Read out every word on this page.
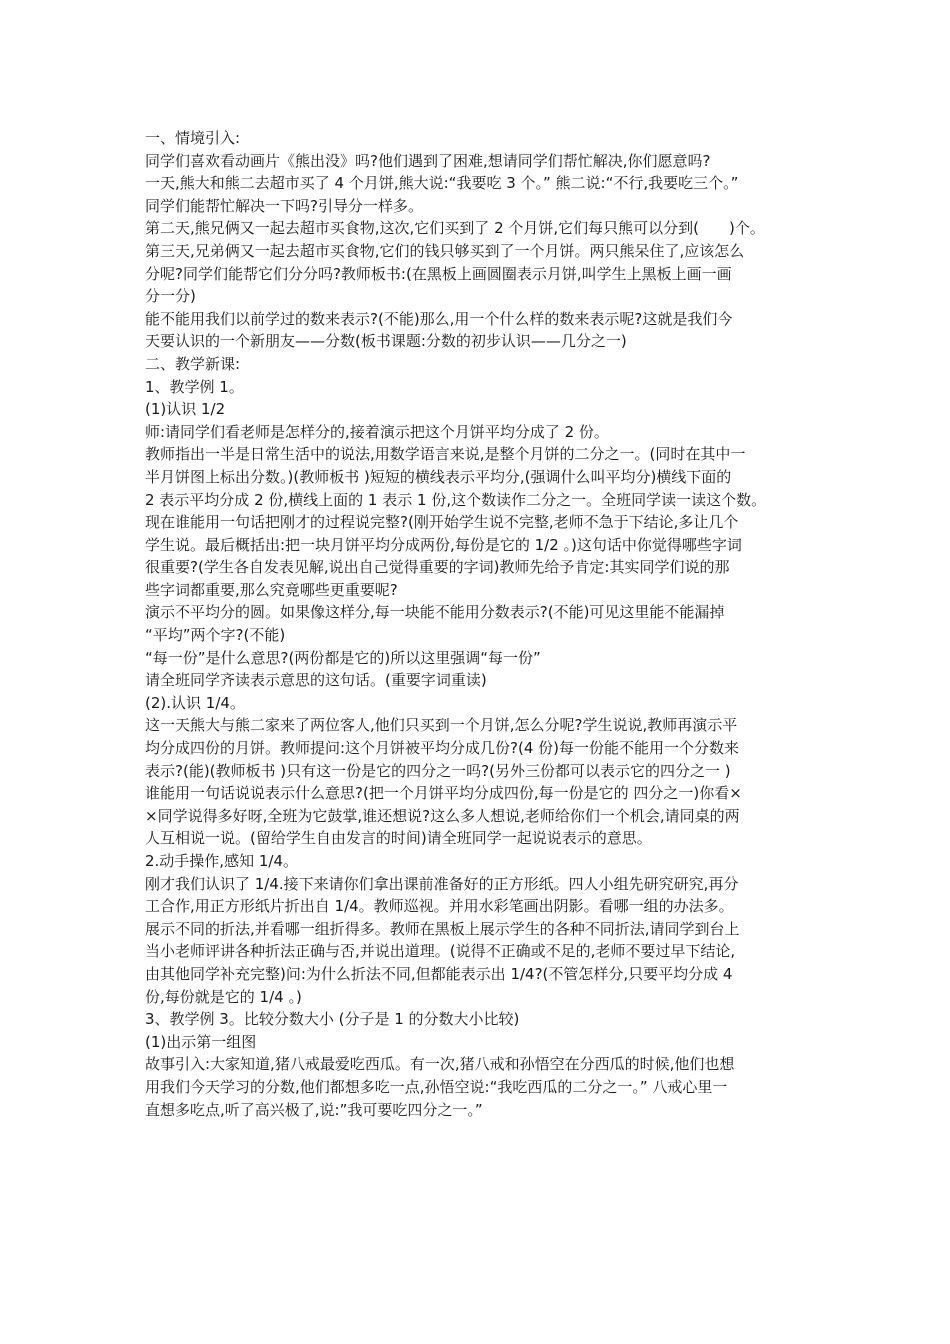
一、情境引入:
同学们喜欢看动画片《熊出没》吗?他们遇到了困难,想请同学们帮忙解决,你们愿意吗?
一天,熊大和熊二去超市买了 4 个月饼,熊大说:“我要吃 3 个。” 熊二说:“不行,我要吃三个。”
同学们能帮忙解决一下吗?引导分一样多。
第二天,熊兄俩又一起去超市买食物,这次,它们买到了 2 个月饼,它们每只熊可以分到(　　)个。
第三天,兄弟俩又一起去超市买食物,它们的钱只够买到了一个月饼。两只熊呆住了,应该怎么
分呢?同学们能帮它们分分吗?教师板书:(在黑板上画圆圈表示月饼,叫学生上黑板上画一画
分一分)
能不能用我们以前学过的数来表示?(不能)那么,用一个什么样的数来表示呢?这就是我们今
天要认识的一个新朋友——分数(板书课题:分数的初步认识——几分之一)
二、教学新课:
1、教学例 1。
(1)认识 1/2
师:请同学们看老师是怎样分的,接着演示把这个月饼平均分成了 2 份。
教师指出一半是日常生活中的说法,用数学语言来说,是整个月饼的二分之一。(同时在其中一
半月饼图上标出分数。)(教师板书 )短短的横线表示平均分,(强调什么叫平均分)横线下面的
2 表示平均分成 2 份,横线上面的 1 表示 1 份,这个数读作二分之一。全班同学读一读这个数。
现在谁能用一句话把刚才的过程说完整?(刚开始学生说不完整,老师不急于下结论,多让几个
学生说。最后概括出:把一块月饼平均分成两份,每份是它的 1/2 。)这句话中你觉得哪些字词
很重要?(学生各自发表见解,说出自己觉得重要的字词)教师先给予肯定:其实同学们说的那
些字词都重要,那么究竟哪些更重要呢?
演示不平均分的圆。如果像这样分,每一块能不能用分数表示?(不能)可见这里能不能漏掉
“平均”两个字?(不能)
“每一份”是什么意思?(两份都是它的)所以这里强调“每一份”
请全班同学齐读表示意思的这句话。(重要字词重读)
(2).认识 1/4。
这一天熊大与熊二家来了两位客人,他们只买到一个月饼,怎么分呢?学生说说,教师再演示平
均分成四份的月饼。教师提问:这个月饼被平均分成几份?(4 份)每一份能不能用一个分数来
表示?(能)(教师板书 )只有这一份是它的四分之一吗?(另外三份都可以表示它的四分之一 )
谁能用一句话说说表示什么意思?(把一个月饼平均分成四份,每一份是它的 四分之一)你看×
×同学说得多好呀,全班为它鼓掌,谁还想说?这么多人想说,老师给你们一个机会,请同桌的两
人互相说一说。(留给学生自由发言的时间)请全班同学一起说说表示的意思。
2.动手操作,感知 1/4。
刚才我们认识了 1/4.接下来请你们拿出课前准备好的正方形纸。四人小组先研究研究,再分
工合作,用正方形纸片折出自 1/4。教师巡视。并用水彩笔画出阴影。看哪一组的办法多。
展示不同的折法,并看哪一组折得多。教师在黑板上展示学生的各种不同折法,请同学到台上
当小老师评讲各种折法正确与否,并说出道理。(说得不正确或不足的,老师不要过早下结论,
由其他同学补充完整)问:为什么折法不同,但都能表示出 1/4?(不管怎样分,只要平均分成 4
份,每份就是它的 1/4 。)
3、教学例 3。比较分数大小 (分子是 1 的分数大小比较)
(1)出示第一组图
故事引入:大家知道,猪八戒最爱吃西瓜。有一次,猪八戒和孙悟空在分西瓜的时候,他们也想
用我们今天学习的分数,他们都想多吃一点,孙悟空说:“我吃西瓜的二分之一。” 八戒心里一
直想多吃点,听了高兴极了,说:”我可要吃四分之一。”
